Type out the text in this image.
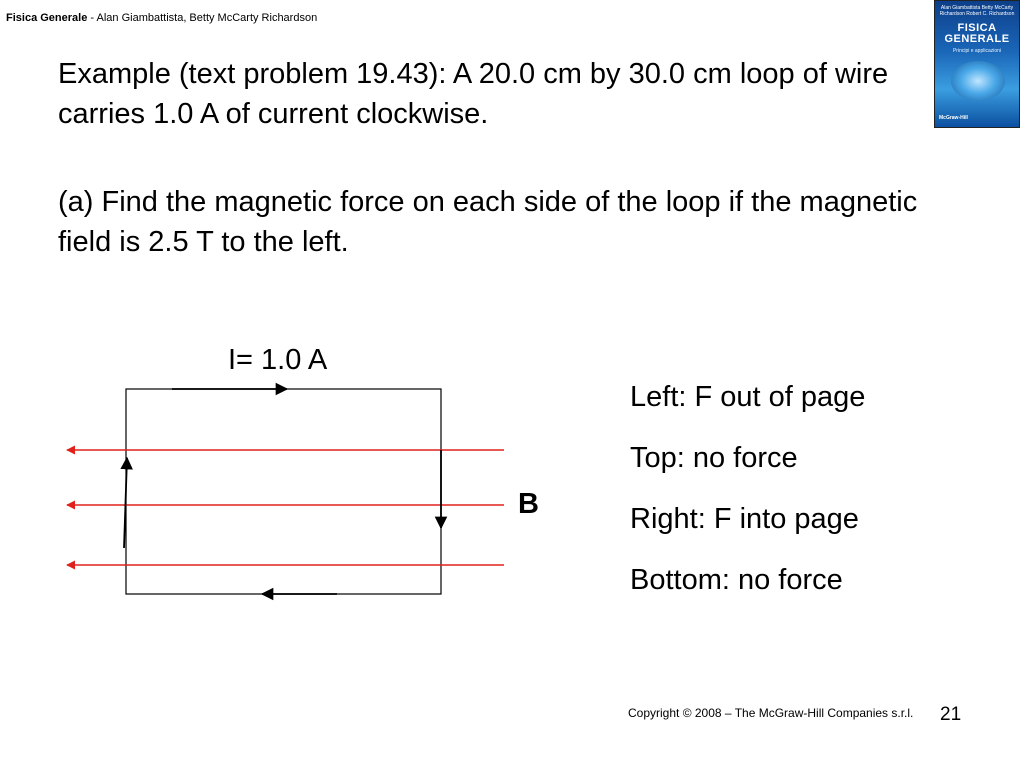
Fisica Generale - Alan Giambattista, Betty McCarty Richardson
Alan Giambattista Betty McCarty Richardson Robert C. Richardson
FISICA
GENERALE
Principi e applicazioni
McGraw-Hill
Example (text problem 19.43): A 20.0 cm by 30.0 cm loop of wire carries 1.0 A of current clockwise.
(a) Find the magnetic force on each side of the loop if the magnetic field is 2.5 T to the left.
I= 1.0 A
B
Left: F out of page
Top: no force
Right: F into page
Bottom: no force
Copyright © 2008 – The McGraw-Hill Companies s.r.l. 21
